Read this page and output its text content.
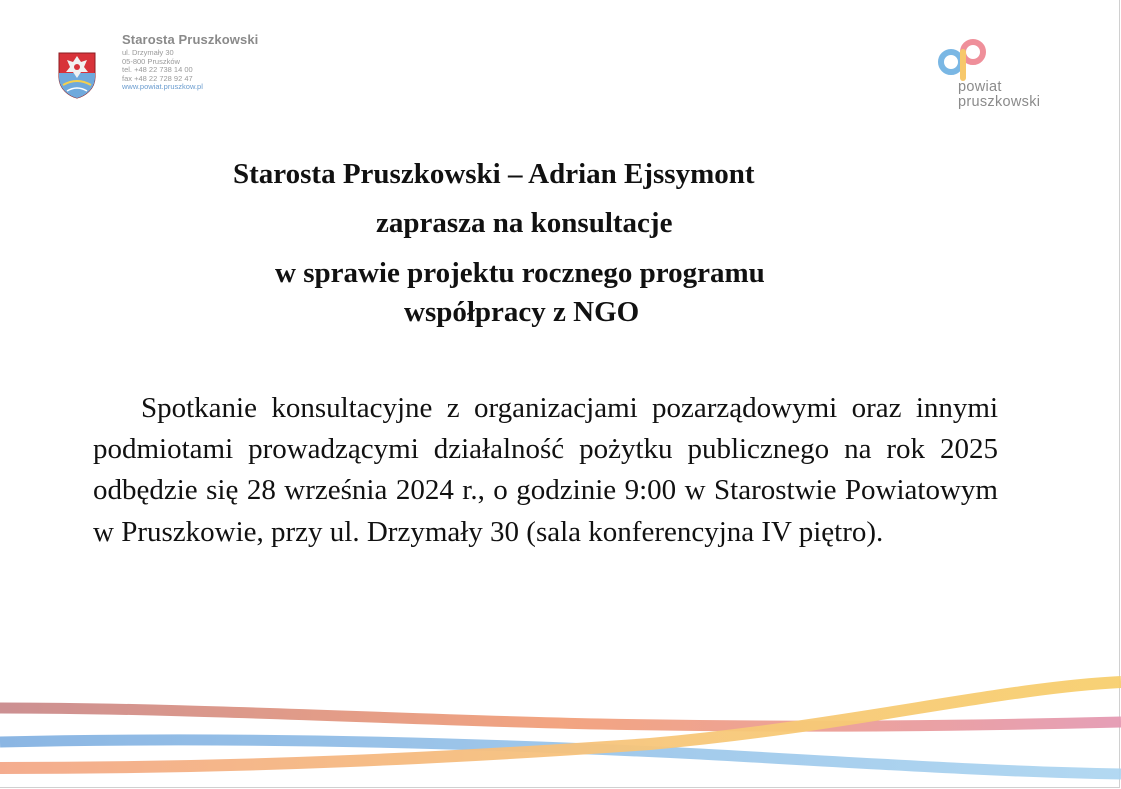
Starosta Pruszkowski
ul. Drzymały 30
05-800 Pruszków
tel. +48 22 738 14 00
fax +48 22 728 92 47
www.powiat.pruszkow.pl	powiat
pruszkowski
Starosta Pruszkowski – Adrian Ejssymont
zaprasza na konsultacje
w sprawie projektu rocznego programu
współpracy z NGO
Spotkanie konsultacyjne z organizacjami pozarządowymi oraz innymi podmiotami prowadzącymi działalność pożytku publicznego na rok 2025 odbędzie się 28 września 2024 r., o godzinie 9:00 w Starostwie Powiatowym w Pruszkowie, przy ul. Drzymały 30 (sala konferencyjna IV piętro).
